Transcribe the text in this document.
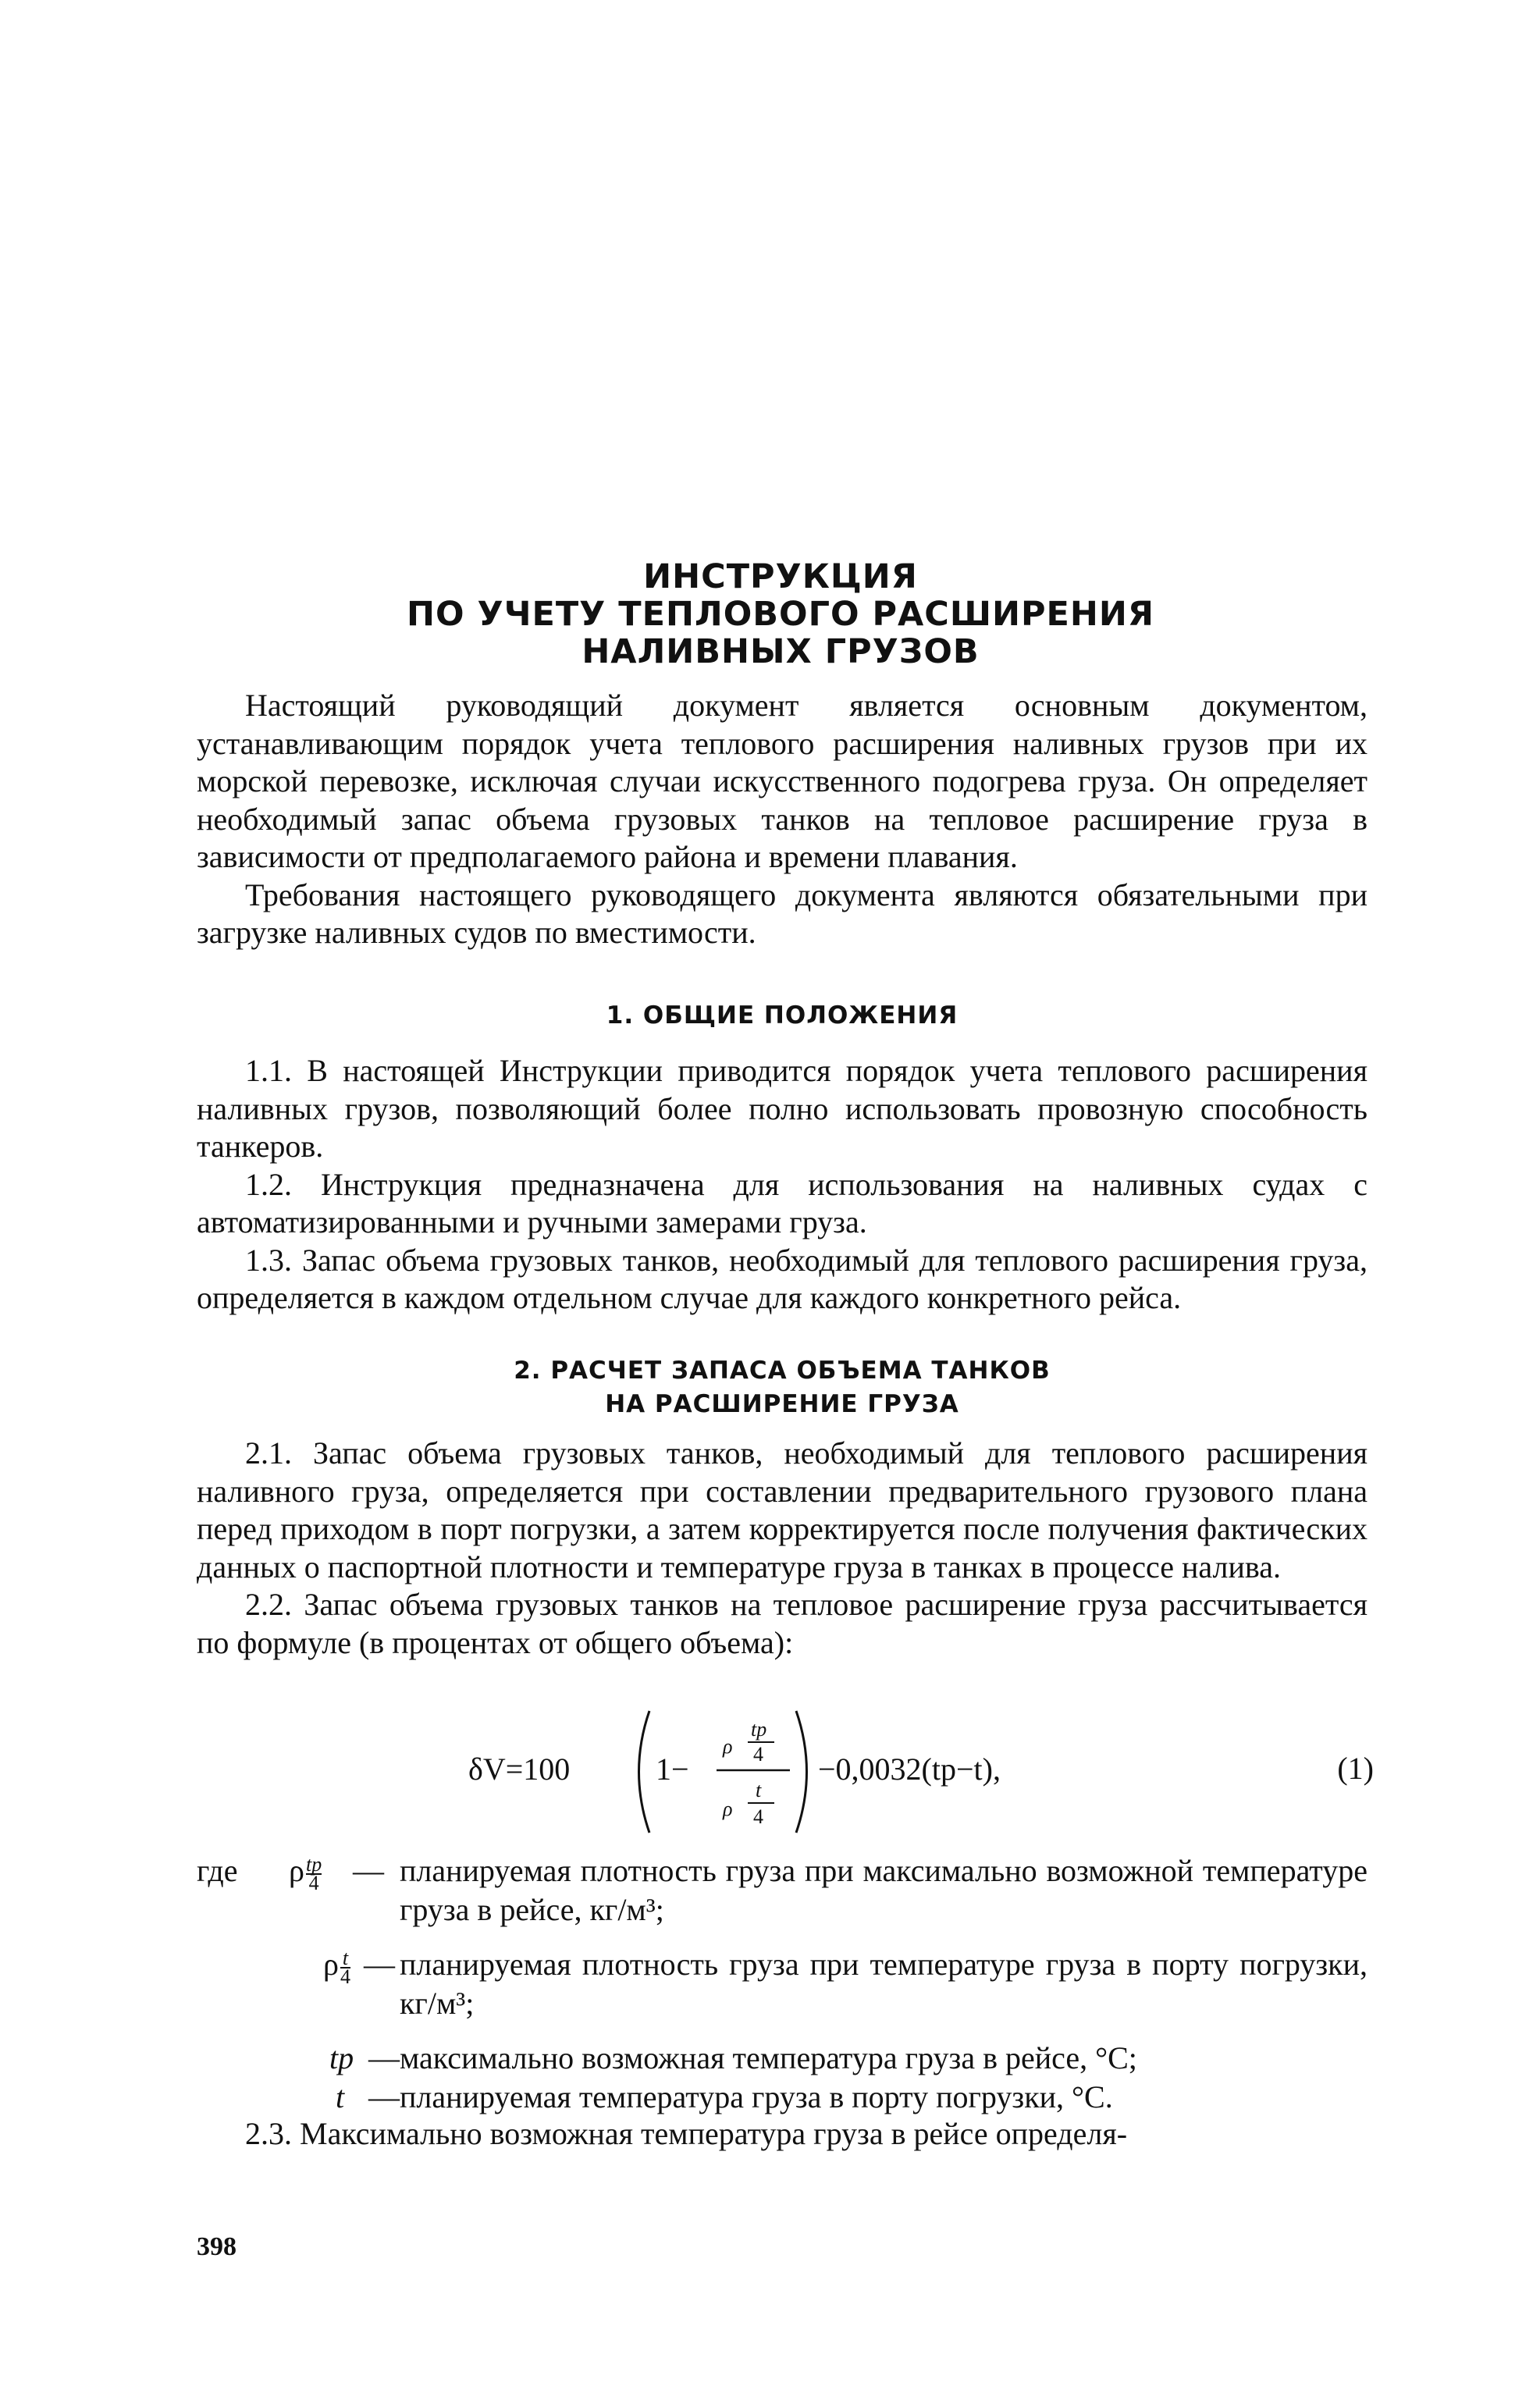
ИНСТРУКЦИЯ
ПО УЧЕТУ ТЕПЛОВОГО РАСШИРЕНИЯ
НАЛИВНЫХ ГРУЗОВ

Настоящий руководящий документ является основным документом, устанавливающим порядок учета теплового расширения наливных грузов при их морской перевозке, исключая случаи искусственного подогрева груза. Он определяет необходимый запас объема грузовых танков на тепловое расширение груза в зависимости от предполагаемого района и времени плавания.

Требования настоящего руководящего документа являются обязательными при загрузке наливных судов по вместимости.

1. ОБЩИЕ ПОЛОЖЕНИЯ

1.1. В настоящей Инструкции приводится порядок учета теплового расширения наливных грузов, позволяющий более полно использовать провозную способность танкеров.

1.2. Инструкция предназначена для использования на наливных судах с автоматизированными и ручными замерами груза.

1.3. Запас объема грузовых танков, необходимый для теплового расширения груза, определяется в каждом отдельном случае для каждого конкретного рейса.

2. РАСЧЕТ ЗАПАСА ОБЪЕМА ТАНКОВ
НА РАСШИРЕНИЕ ГРУЗА

2.1. Запас объема грузовых танков, необходимый для теплового расширения наливного груза, определяется при составлении предварительного грузового плана перед приходом в порт погрузки, а затем корректируется после получения фактических данных о паспортной плотности и температуре груза в танках в процессе налива.

2.2. Запас объема грузовых танков на тепловое расширение груза рассчитывается по формуле (в процентах от общего объема):

δV=100	1−
ρ
tр
4
ρ
t
4
−0,0032(tр−t),	(1)
где ρ tр
4 — планируемая плотность груза при максимально возможной температуре груза в рейсе, кг/м³;
ρ $\frac{t}{4}$ — планируемая плотность груза при температуре груза в порту погрузки, кг/м³;
tр — максимально возможная температура груза в рейсе, °С;
t — планируемая температура груза в порту погрузки, °С.

2.3. Максимально возможная температура груза в рейсе определя-

398
